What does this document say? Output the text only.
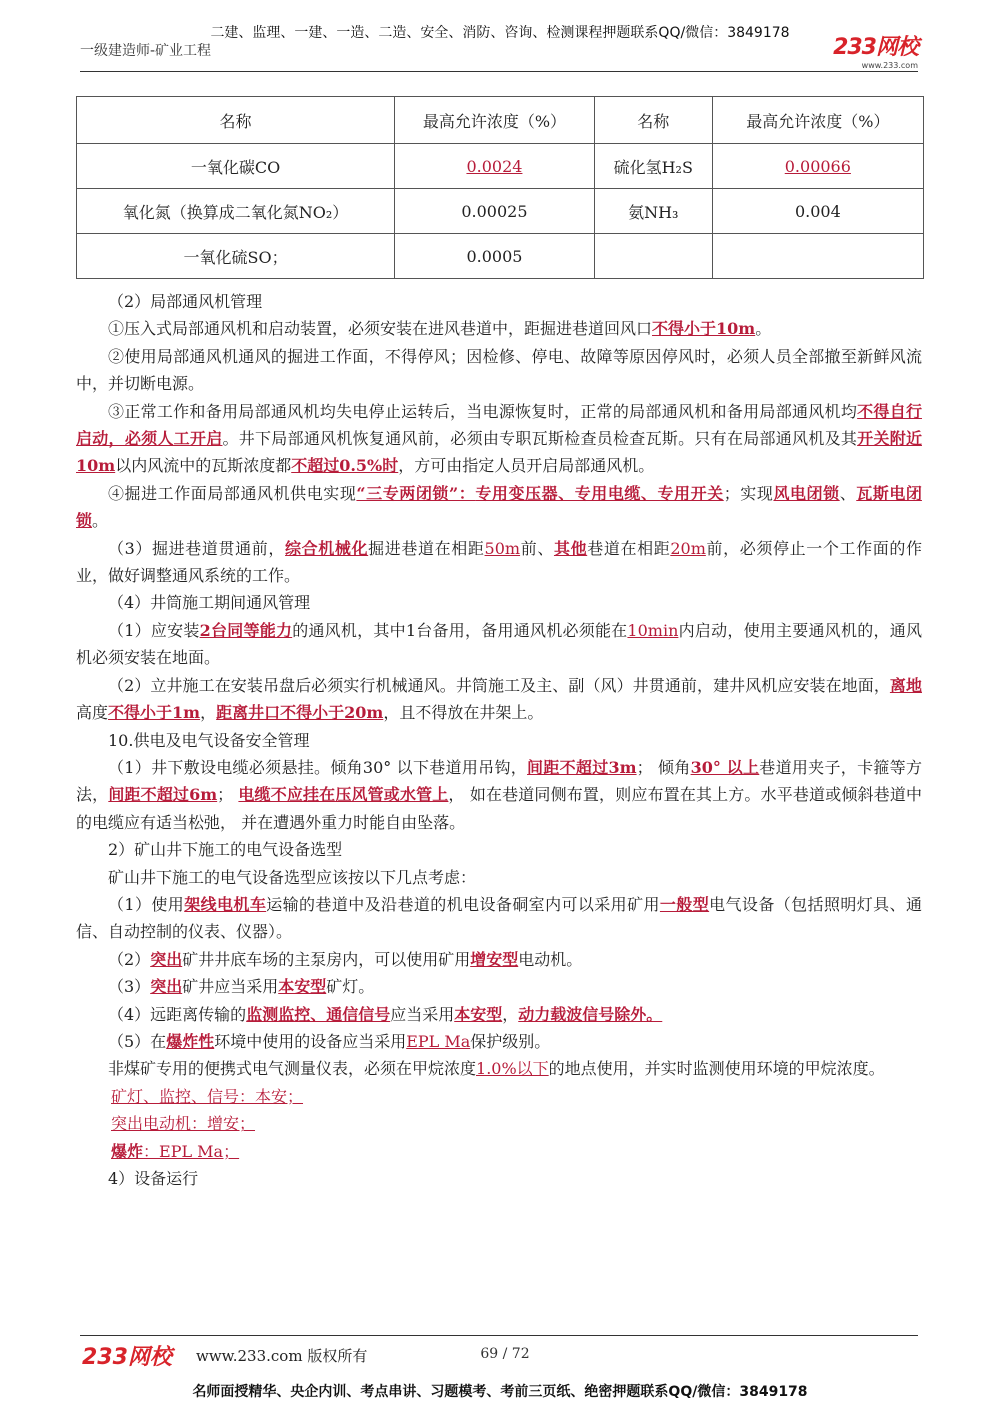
二建、监理、一建、一造、二造、安全、消防、咨询、检测课程押题联系QQ/微信：3849178
一级建造师-矿业工程	233网校
www.233.com
名称	最高允许浓度（%）	名称	最高允许浓度（%）
一氧化碳CO	0.0024	硫化氢H₂S	0.00066
氧化氮（换算成二氧化氮NO₂）	0.00025	氨NH₃	0.004
一氧化硫SO；	0.0005		

（2）局部通风机管理

①压入式局部通风机和启动装置，必须安装在进风巷道中，距掘进巷道回风口不得小于10m。

②使用局部通风机通风的掘进工作面，不得停风；因检修、停电、故障等原因停风时，必须人员全部撤至新鲜风流中，并切断电源。

③正常工作和备用局部通风机均失电停止运转后，当电源恢复时，正常的局部通风机和备用局部通风机均不得自行启动，必须人工开启。井下局部通风机恢复通风前，必须由专职瓦斯检查员检查瓦斯。只有在局部通风机及其开关附近10m以内风流中的瓦斯浓度都不超过0.5%时，方可由指定人员开启局部通风机。

④掘进工作面局部通风机供电实现“三专两闭锁”：专用变压器、专用电缆、专用开关；实现风电闭锁、瓦斯电闭锁。

（3）掘进巷道贯通前，综合机械化掘进巷道在相距50m前、其他巷道在相距20m前，必须停止一个工作面的作业，做好调整通风系统的工作。

（4）井筒施工期间通风管理

（1）应安装2台同等能力的通风机，其中1台备用，备用通风机必须能在10min内启动，使用主要通风机的，通风机必须安装在地面。

（2）立井施工在安装吊盘后必须实行机械通风。井筒施工及主、副（风）井贯通前，建井风机应安装在地面，离地高度不得小于1m，距离井口不得小于20m，且不得放在井架上。

10.供电及电气设备安全管理

（1）井下敷设电缆必须悬挂。倾角30° 以下巷道用吊钩，间距不超过3m； 倾角30° 以上巷道用夹子，卡箍等方法，间距不超过6m； 电缆不应挂在压风管或水管上， 如在巷道同侧布置，则应布置在其上方。水平巷道或倾斜巷道中的电缆应有适当松弛， 并在遭遇外重力时能自由坠落。

2）矿山井下施工的电气设备选型

矿山井下施工的电气设备选型应该按以下几点考虑：

（1）使用架线电机车运输的巷道中及沿巷道的机电设备硐室内可以采用矿用一般型电气设备（包括照明灯具、通信、自动控制的仪表、仪器）。

（2）突出矿井井底车场的主泵房内，可以使用矿用增安型电动机。

（3）突出矿井应当采用本安型矿灯。

（4）远距离传输的监测监控、通信信号应当采用本安型，动力载波信号除外。

（5）在爆炸性环境中使用的设备应当采用EPL Ma保护级别。

非煤矿专用的便携式电气测量仪表，必须在甲烷浓度1.0%以下的地点使用，并实时监测使用环境的甲烷浓度。

矿灯、监控、信号：本安；

突出电动机：增安；

爆炸：EPL Ma；

4）设备运行

233网校 www.233.com 版权所有	69 / 72
名师面授精华、央企内训、考点串讲、习题模考、考前三页纸、绝密押题联系QQ/微信：3849178
